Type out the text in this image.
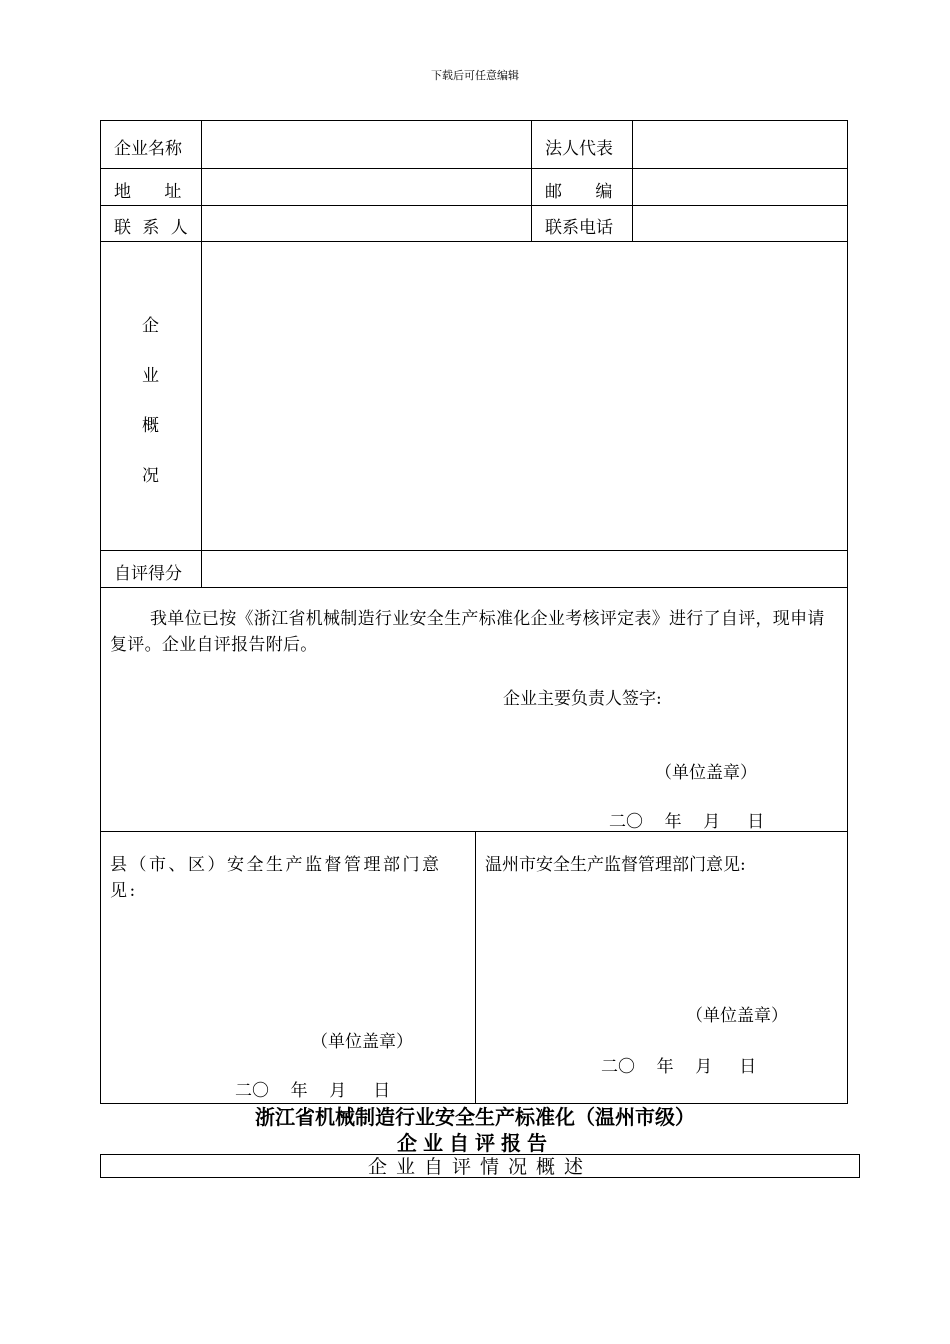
下载后可任意编辑
企业名称	法人代表
地 址	邮 编
联 系 人	联系电话
企
业
概
况
自评得分
我单位已按《浙江省机械制造行业安全生产标准化企业考核评定表》进行了自评，现申请复评。企业自评报告附后。
企业主要负责人签字:
（单位盖章）
二〇    年    月     日
县（市、区）安全生产监督管理部门意见:
（单位盖章）
二〇    年    月     日
温州市安全生产监督管理部门意见:
（单位盖章）
二〇    年    月     日
浙江省机械制造行业安全生产标准化（温州市级）
企业自评报告
企业自评情况概述
